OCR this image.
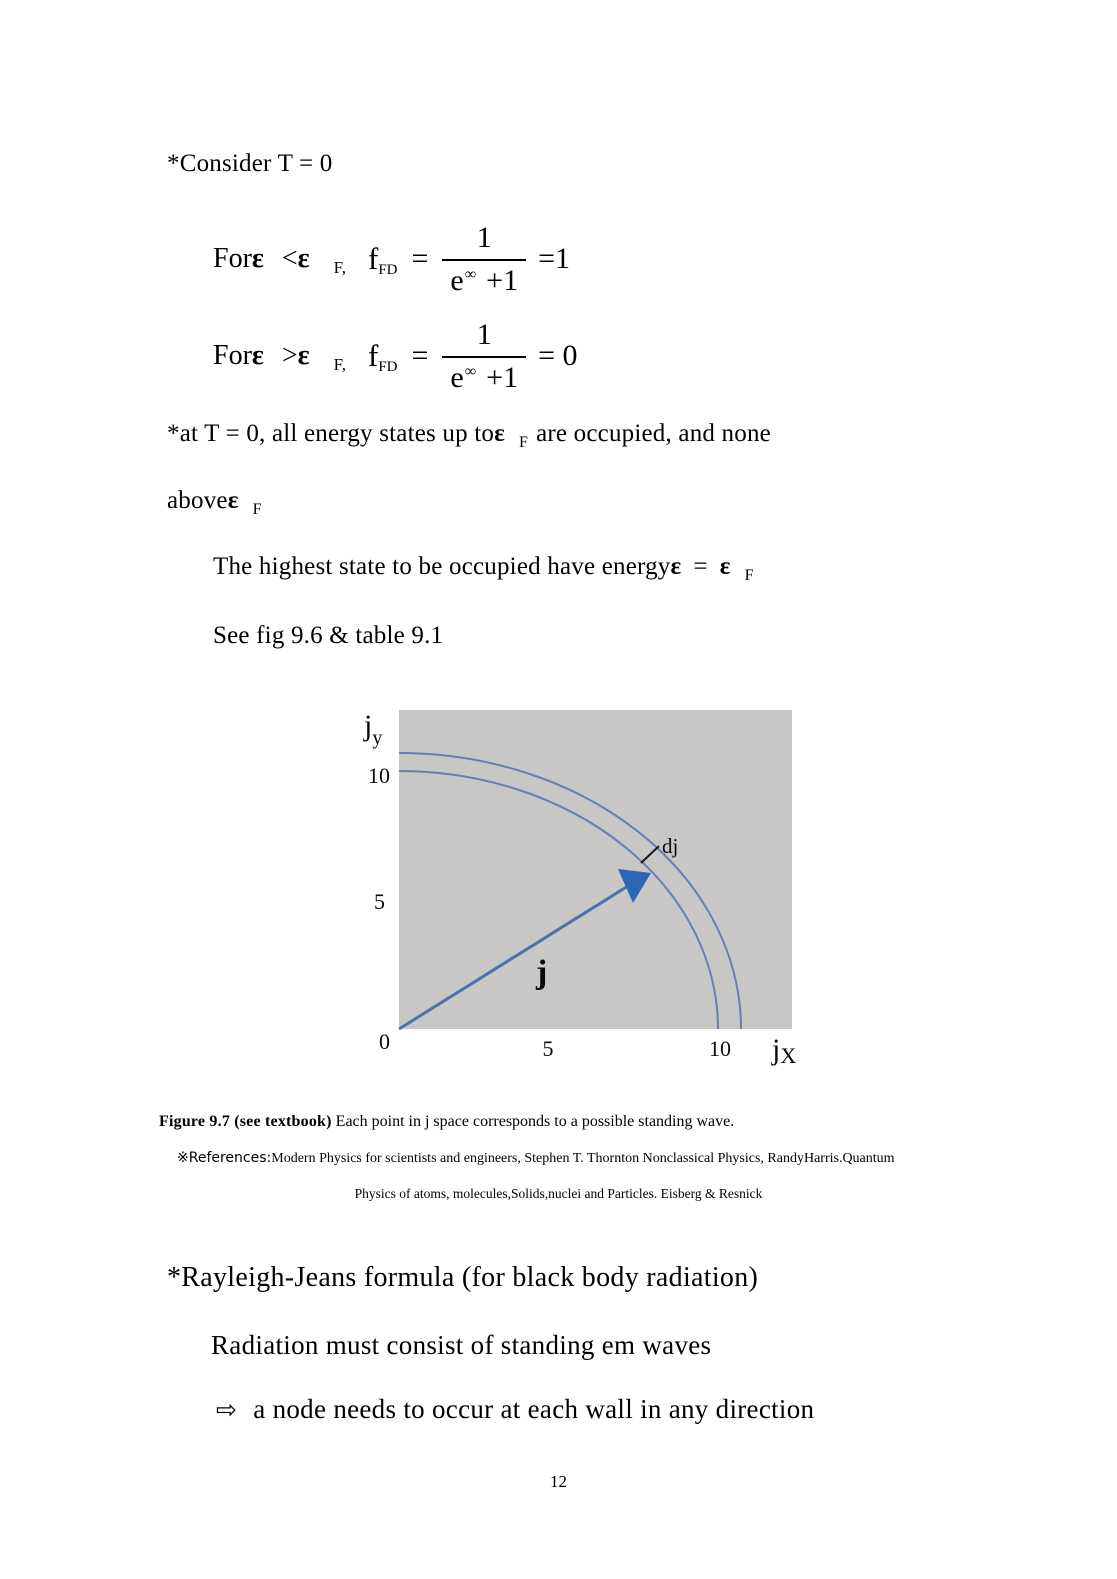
*Consider T = 0
For ε < ε F, f FD = $\frac{1}{e^\infty +1} =1$
For ε > ε F, f FD = $\frac{1}{e^\infty +1} = 0$
*at T = 0, all energy states up toε $_F$ are occupied, and none
aboveε $_F$
The highest state to be occupied have energyε = ε $_F$
See fig 9.6 & table 9.1
$j_y$
10
5
0	5	10 jX
j
dj
Figure 9.7 (see textbook) Each point in j space corresponds to a possible standing wave.
※References:Modern Physics for scientists and engineers, Stephen T. Thornton Nonclassical Physics, RandyHarris.Quantum
Physics of atoms, molecules,Solids,nuclei and Particles. Eisberg & Resnick
*Rayleigh-Jeans formula (for black body radiation)
Radiation must consist of standing em waves
⇨ a node needs to occur at each wall in any direction
12
